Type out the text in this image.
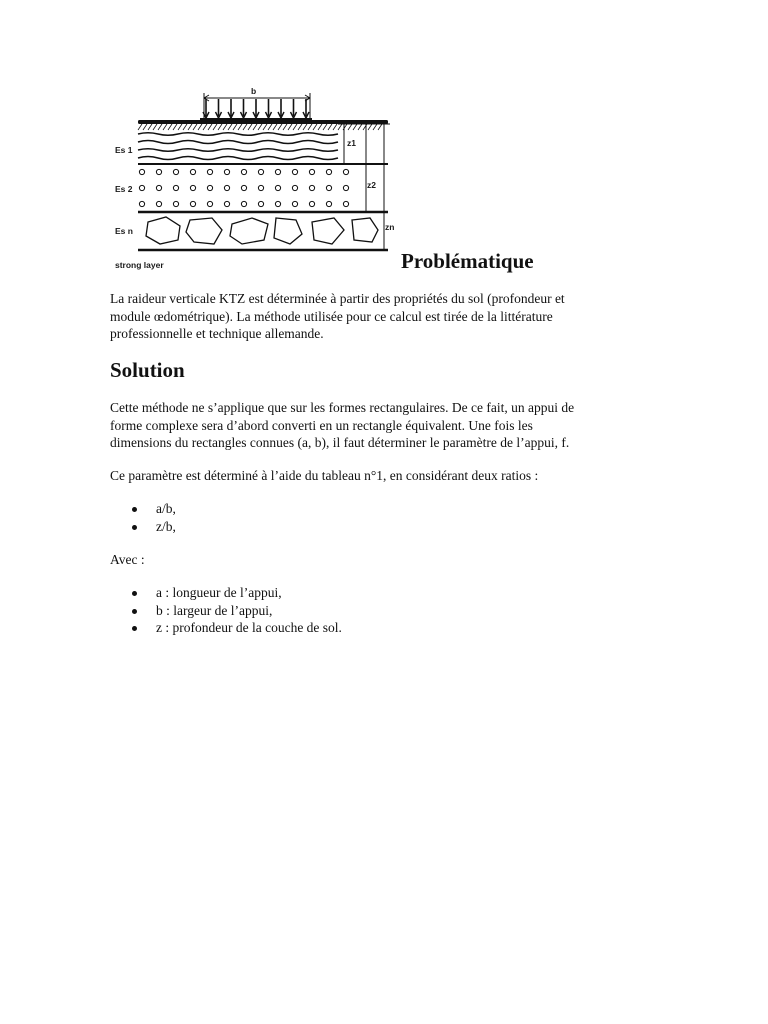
b
Es 1
Es 2
Es n
z1
z2
zn
strong layer	Problématique

La raideur verticale KTZ est déterminée à partir des propriétés du sol (profondeur et
module œdométrique). La méthode utilisée pour ce calcul est tirée de la littérature
professionnelle et technique allemande.

Solution

Cette méthode ne s’applique que sur les formes rectangulaires. De ce fait, un appui de
forme complexe sera d’abord converti en un rectangle équivalent. Une fois les
dimensions du rectangles connues (a, b), il faut déterminer le paramètre de l’appui, f.

Ce paramètre est déterminé à l’aide du tableau n°1, en considérant deux ratios :

a/b,
z/b,

Avec :

a : longueur de l’appui,
b : largeur de l’appui,
z : profondeur de la couche de sol.
